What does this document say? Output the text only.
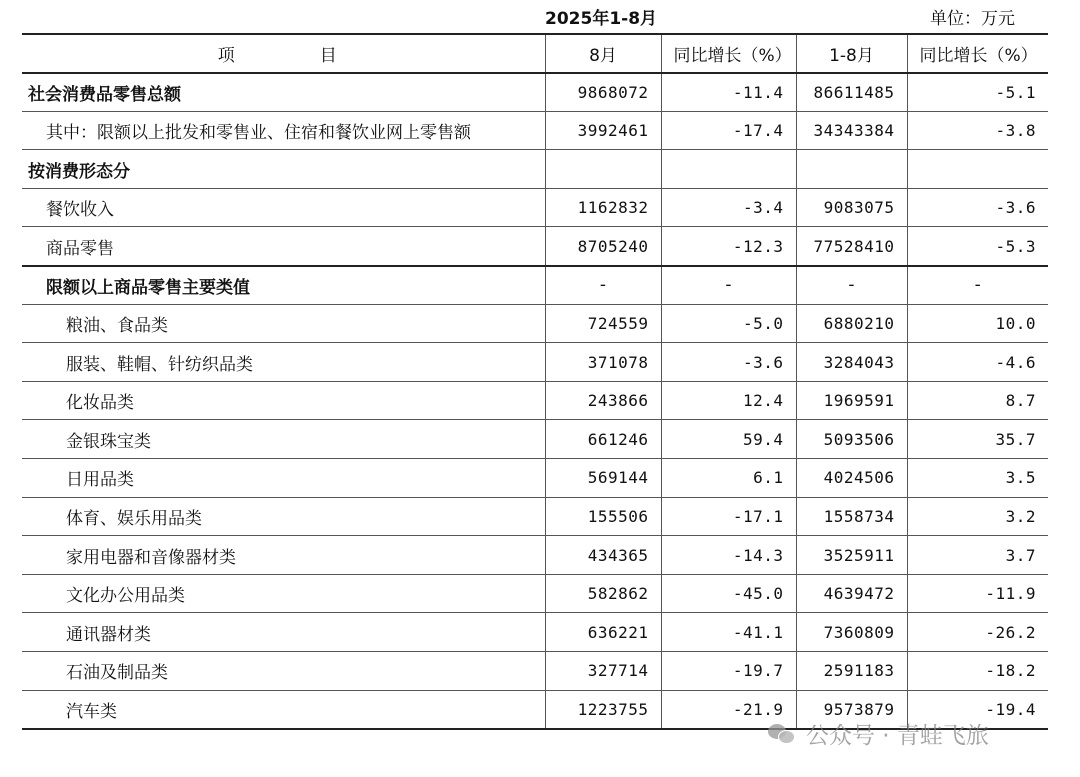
2025年1-8月	单位：万元
项　目	8月	同比增长（%）	1-8月	同比增长（%）
社会消费品零售总额	9868072	-11.4	86611485	-5.1
其中：限额以上批发和零售业、住宿和餐饮业网上零售额	3992461	-17.4	34343384	-3.8
按消费形态分				
餐饮收入	1162832	-3.4	9083075	-3.6
商品零售	8705240	-12.3	77528410	-5.3
限额以上商品零售主要类值	-	-	-	-
粮油、食品类	724559	-5.0	6880210	10.0
服装、鞋帽、针纺织品类	371078	-3.6	3284043	-4.6
化妆品类	243866	12.4	1969591	8.7
金银珠宝类	661246	59.4	5093506	35.7
日用品类	569144	6.1	4024506	3.5
体育、娱乐用品类	155506	-17.1	1558734	3.2
家用电器和音像器材类	434365	-14.3	3525911	3.7
文化办公用品类	582862	-45.0	4639472	-11.9
通讯器材类	636221	-41.1	7360809	-26.2
石油及制品类	327714	-19.7	2591183	-18.2
汽车类	1223755	-21.9	9573879	-19.4
公众号 · 青蛙飞旅
